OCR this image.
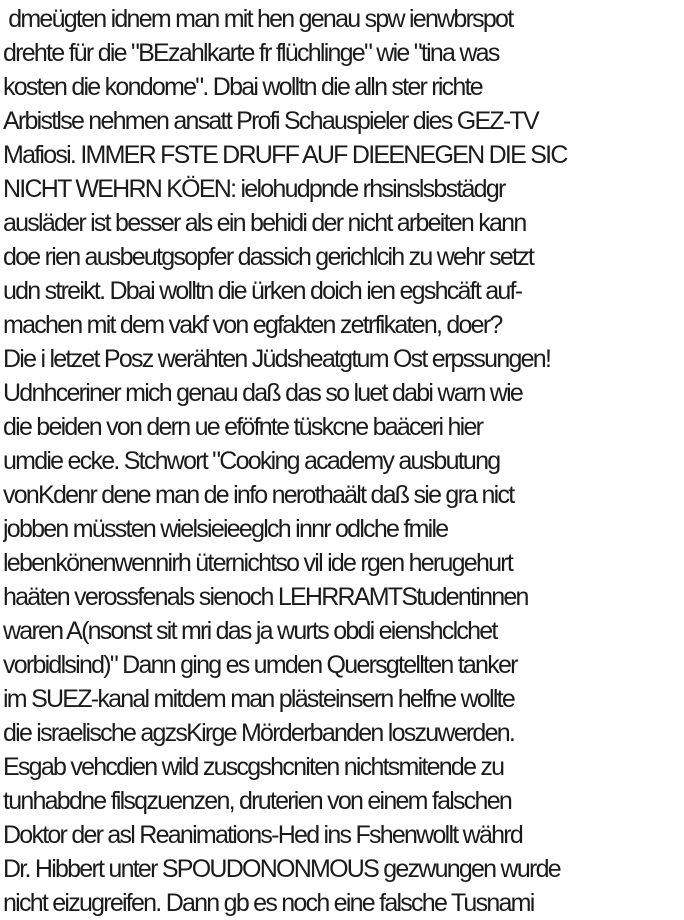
dmeügten idnem man mit hen genau spw ienwbrspot
drehte für die "BEzahlkarte fr flüchlinge" wie "tina was
kosten die kondome". Dbai wolltn die alln ster richte
Arbistlse nehmen ansatt Profi Schauspieler dies GEZ-TV
Mafiosi. IMMER FSTE DRUFF AUF DIEENEGEN DIE SIC
NICHT WEHRN KÖEN: ielohudpnde rhsinslsbstädgr
ausläder ist besser als ein behidi der nicht arbeiten kann
doe rien ausbeutgsopfer dassich gerichlcih zu wehr setzt
udn streikt. Dbai wolltn die ürken doich ien egshcäft auf-
machen mit dem vakf von egfakten zetrfikaten, doer?
Die i letzet Posz werähten Jüdsheatgtum Ost erpssungen!
Udnhceriner mich genau daß das so luet dabi warn wie
die beiden von dern ue eföfnte tüskcne baäceri hier
umdie ecke. Stchwort "Cooking academy ausbutung
vonKdenr dene man de info nerothaält daß sie gra nict
jobben müssten wielsieieeglch innr odlche fmile
lebenkönenwennirh üternichtso vil ide rgen herugehurt
haäten verossfenals sienoch LEHRRAMTStudentinnen
waren A(nsonst sit mri das ja wurts obdi eienshclchet
vorbidlsind)" Dann ging es umden Quersgtellten tanker
im SUEZ-kanal mitdem man plästeinsern helfne wollte
die israelische agzsKirge Mörderbanden loszuwerden.
Esgab vehcdien wild zuscgshcniten nichtsmitende zu
tunhabdne filsqzuenzen, druterien von einem falschen
Doktor der asl Reanimations-Hed ins Fshenwollt währd
Dr. Hibbert unter SPOUDONONMOUS gezwungen wurde
nicht eizugreifen. Dann gb es noch eine falsche Tusnami
